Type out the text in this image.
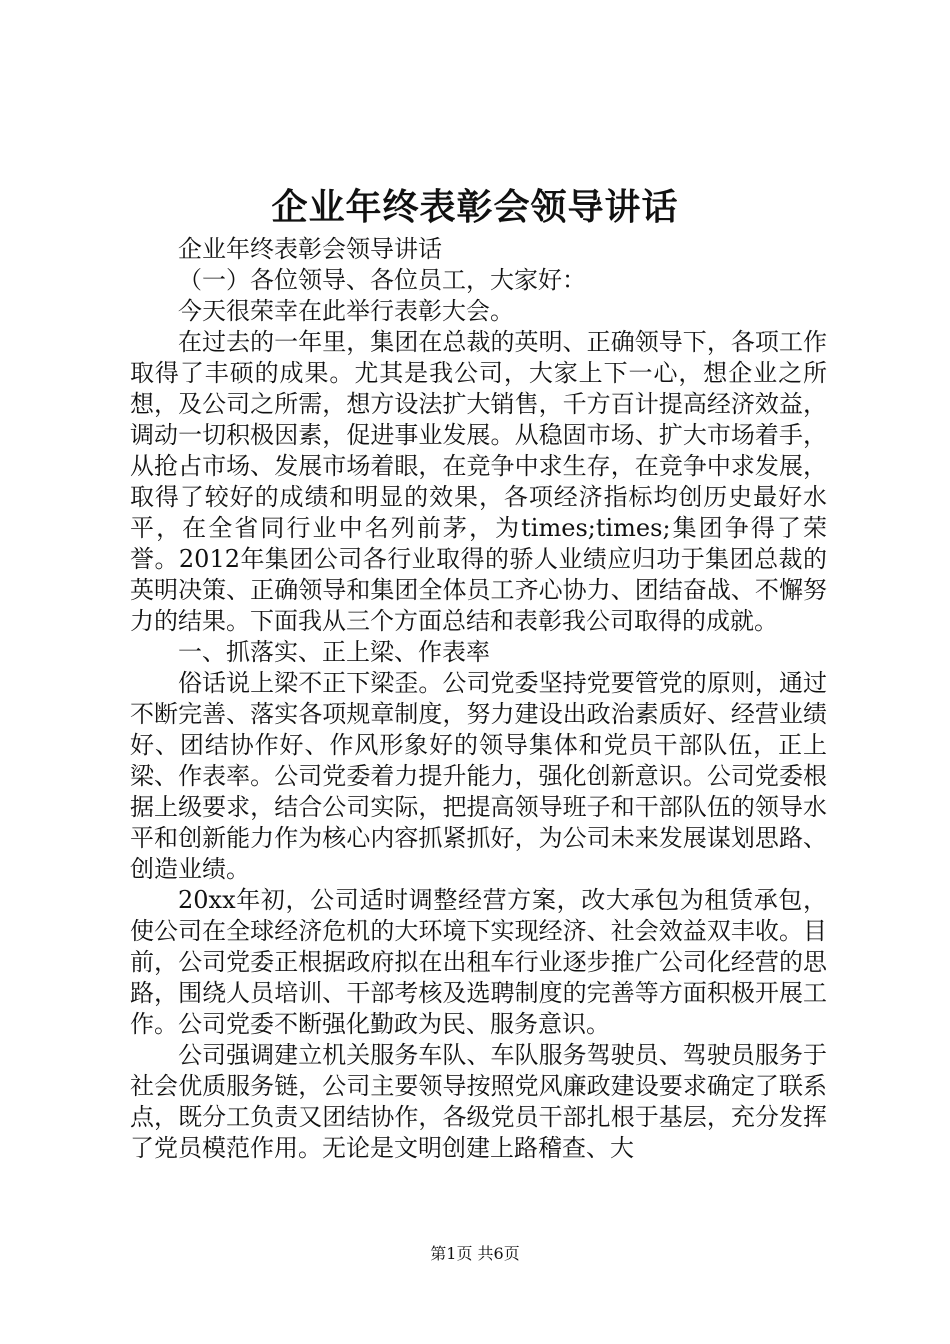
企业年终表彰会领导讲话

企业年终表彰会领导讲话

（一）各位领导、各位员工，大家好：

今天很荣幸在此举行表彰大会。

在过去的一年里，集团在总裁的英明、正确领导下，各项工作取得了丰硕的成果。尤其是我公司，大家上下一心，想企业之所想，及公司之所需，想方设法扩大销售，千方百计提高经济效益，调动一切积极因素，促进事业发展。从稳固市场、扩大市场着手，从抢占市场、发展市场着眼，在竞争中求生存，在竞争中求发展，取得了较好的成绩和明显的效果，各项经济指标均创历史最好水平，在全省同行业中名列前茅，为times;times;集团争得了荣誉。2012年集团公司各行业取得的骄人业绩应归功于集团总裁的英明决策、正确领导和集团全体员工齐心协力、团结奋战、不懈努力的结果。下面我从三个方面总结和表彰我公司取得的成就。

一、抓落实、正上梁、作表率

俗话说上梁不正下梁歪。公司党委坚持党要管党的原则，通过不断完善、落实各项规章制度，努力建设出政治素质好、经营业绩好、团结协作好、作风形象好的领导集体和党员干部队伍，正上梁、作表率。公司党委着力提升能力，强化创新意识。公司党委根据上级要求，结合公司实际，把提高领导班子和干部队伍的领导水平和创新能力作为核心内容抓紧抓好，为公司未来发展谋划思路、创造业绩。

20xx年初，公司适时调整经营方案，改大承包为租赁承包，使公司在全球经济危机的大环境下实现经济、社会效益双丰收。目前，公司党委正根据政府拟在出租车行业逐步推广公司化经营的思路，围绕人员培训、干部考核及选聘制度的完善等方面积极开展工作。公司党委不断强化勤政为民、服务意识。

公司强调建立机关服务车队、车队服务驾驶员、驾驶员服务于社会优质服务链，公司主要领导按照党风廉政建设要求确定了联系点，既分工负责又团结协作，各级党员干部扎根于基层，充分发挥了党员模范作用。无论是文明创建上路稽查、大

第1页 共6页
